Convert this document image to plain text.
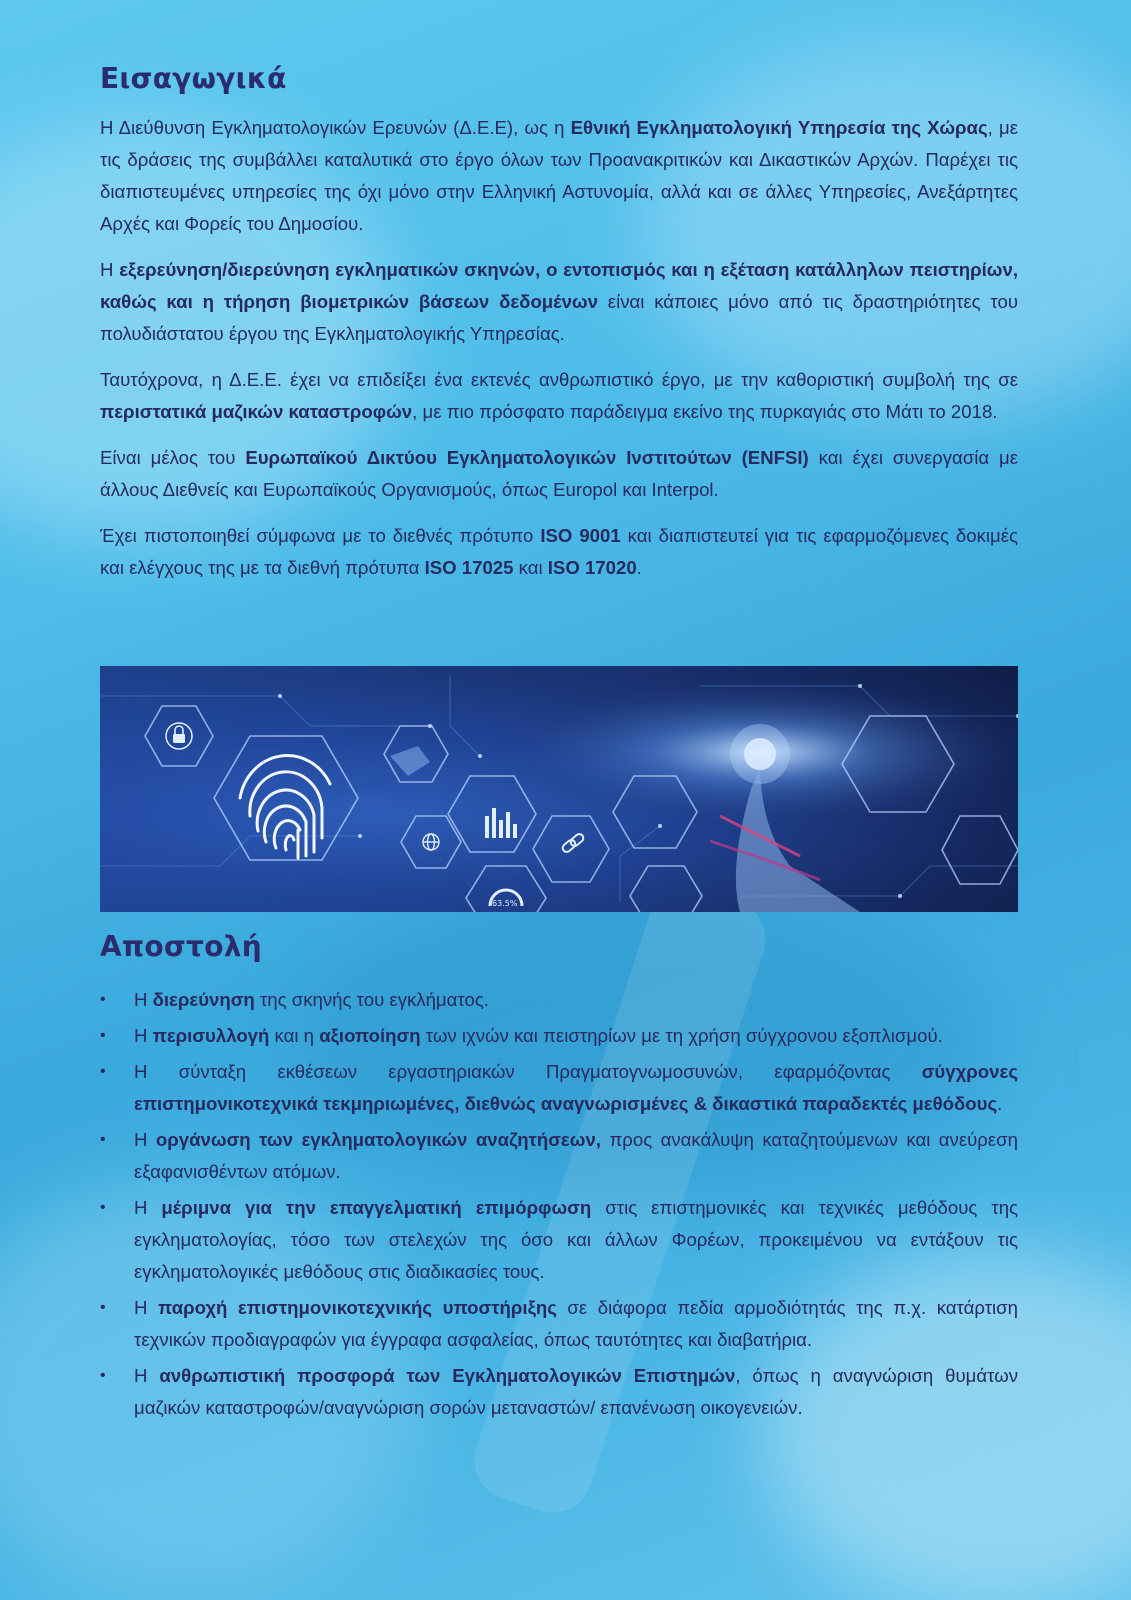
Εισαγωγικά

Η Διεύθυνση Εγκληματολογικών Ερευνών (Δ.Ε.Ε), ως η Εθνική Εγκληματολογική Υπηρεσία της Χώρας, με τις δράσεις της συμβάλλει καταλυτικά στο έργο όλων των Προανακριτικών και Δικαστικών Αρχών. Παρέχει τις διαπιστευμένες υπηρεσίες της όχι μόνο στην Ελληνική Αστυνομία, αλλά και σε άλλες Υπηρεσίες, Ανεξάρτητες Αρχές και Φορείς του Δημοσίου.

Η εξερεύνηση/διερεύνηση εγκληματικών σκηνών, ο εντοπισμός και η εξέταση κατάλληλων πειστηρίων, καθώς και η τήρηση βιομετρικών βάσεων δεδομένων είναι κάποιες μόνο από τις δραστηριότητες του πολυδιάστατου έργου της Εγκληματολογικής Υπηρεσίας.

Ταυτόχρονα, η Δ.Ε.Ε. έχει να επιδείξει ένα εκτενές ανθρωπιστικό έργο, με την καθοριστική συμβολή της σε περιστατικά μαζικών καταστροφών, με πιο πρόσφατο παράδειγμα εκείνο της πυρκαγιάς στο Μάτι το 2018.

Είναι μέλος του Ευρωπαϊκού Δικτύου Εγκληματολογικών Ινστιτούτων (ENFSI) και έχει συνεργασία με άλλους Διεθνείς και Ευρωπαϊκούς Οργανισμούς, όπως Europol και Interpol.

Έχει πιστοποιηθεί σύμφωνα με το διεθνές πρότυπο ISO 9001 και διαπιστευτεί για τις εφαρμοζόμενες δοκιμές και ελέγχους της με τα διεθνή πρότυπα ISO 17025 και ISO 17020.

63.5%
Αποστολή
•	Η διερεύνηση της σκηνής του εγκλήματος.
•	Η περισυλλογή και η αξιοποίηση των ιχνών και πειστηρίων με τη χρήση σύγχρονου εξοπλισμού.
•	Η σύνταξη εκθέσεων εργαστηριακών Πραγματογνωμοσυνών, εφαρμόζοντας σύγχρονες επιστημονικοτεχνικά τεκμηριωμένες, διεθνώς αναγνωρισμένες & δικαστικά παραδεκτές μεθόδους.
•	Η οργάνωση των εγκληματολογικών αναζητήσεων, προς ανακάλυψη καταζητούμενων και ανεύρεση εξαφανισθέντων ατόμων.
•	Η μέριμνα για την επαγγελματική επιμόρφωση στις επιστημονικές και τεχνικές μεθόδους της εγκληματολογίας, τόσο των στελεχών της όσο και άλλων Φορέων, προκειμένου να εντάξουν τις εγκληματολογικές μεθόδους στις διαδικασίες τους.
•	Η παροχή επιστημονικοτεχνικής υποστήριξης σε διάφορα πεδία αρμοδιότητάς της π.χ. κατάρτιση τεχνικών προδιαγραφών για έγγραφα ασφαλείας, όπως ταυτότητες και διαβατήρια.
•	Η ανθρωπιστική προσφορά των Εγκληματολογικών Επιστημών, όπως η αναγνώριση θυμάτων μαζικών καταστροφών/αναγνώριση σορών μεταναστών/ επανένωση οικογενειών.
